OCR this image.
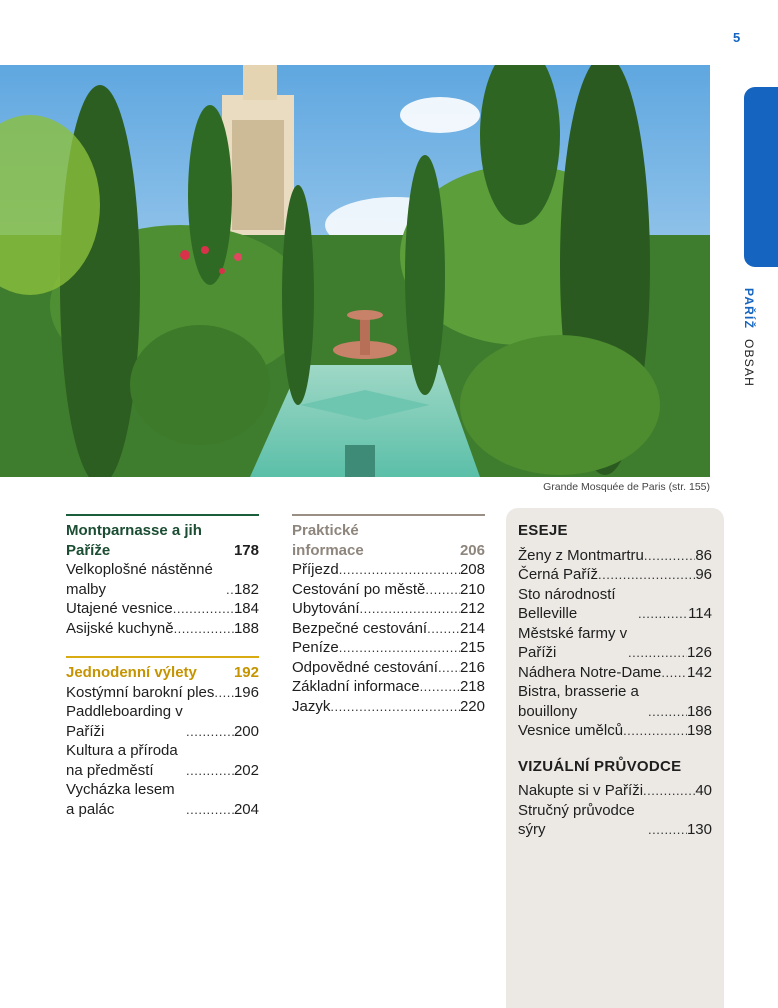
5
PAŘÍŽ OBSAH
Grande Mosquée de Paris (str. 155)
Montparnasse a jih Paříže	178
Velkoplošné nástěnné malby .....	182
Utajené vesnice .....	184
Asijské kuchyně .....	188
Jednodenní výlety 192
Kostýmní barokní ples ..... 196
Paddleboarding v Paříži .....	200
Kultura a příroda na předměstí .....	202
Vycházka lesem a palác .....	204
Praktické informace	206
Příjezd .....	208
Cestování po městě ..... 210
Ubytování .....	212
Bezpečné cestování ..... 214
Peníze .....	215
Odpovědné cestování ..... 216
Základní informace .....	218
Jazyk .....	220
ESEJE
Ženy z Montmartru .....	86
Černá Paříž .....	96
Sto národností Belleville .....	114
Městské farmy v Paříži .....	126
Nádhera Notre-Dame ..... 142
Bistra, brasserie a bouillony .....	186
Vesnice umělců .....	198
VIZUÁLNÍ PRŮVODCE
Nakupte si v Paříži .....	40
Stručný průvodce sýry .....	130
